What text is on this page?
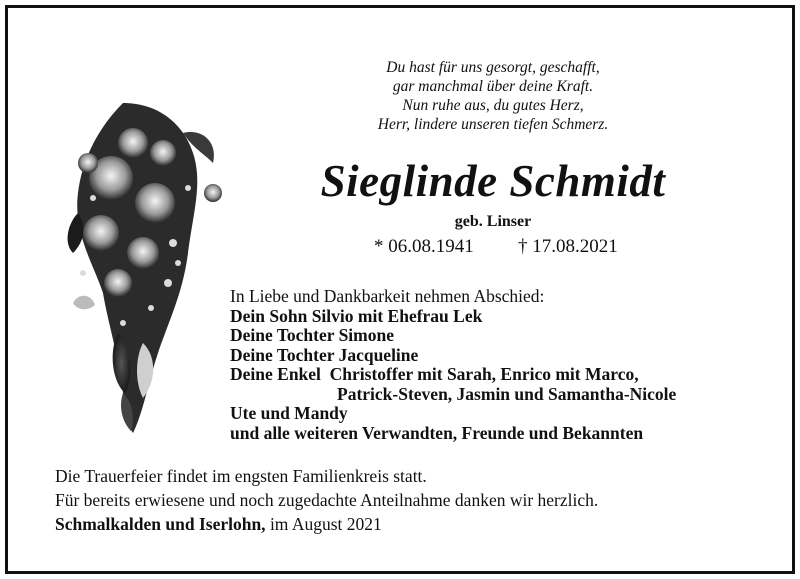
Du hast für uns gesorgt, geschafft,
gar manchmal über deine Kraft.
Nun ruhe aus, du gutes Herz,
Herr, lindere unseren tiefen Schmerz.
Sieglinde Schmidt
geb. Linser
* 06.08.1941 † 17.08.2021
In Liebe und Dankbarkeit nehmen Abschied:
Dein Sohn Silvio mit Ehefrau Lek
Deine Tochter Simone
Deine Tochter Jacqueline
Deine Enkel  Christoffer mit Sarah, Enrico mit Marco,
Patrick-Steven, Jasmin und Samantha-Nicole
Ute und Mandy
und alle weiteren Verwandten, Freunde und Bekannten
Die Trauerfeier findet im engsten Familienkreis statt.
Für bereits erwiesene und noch zugedachte Anteilnahme danken wir herzlich.
Schmalkalden und Iserlohn, im August 2021
